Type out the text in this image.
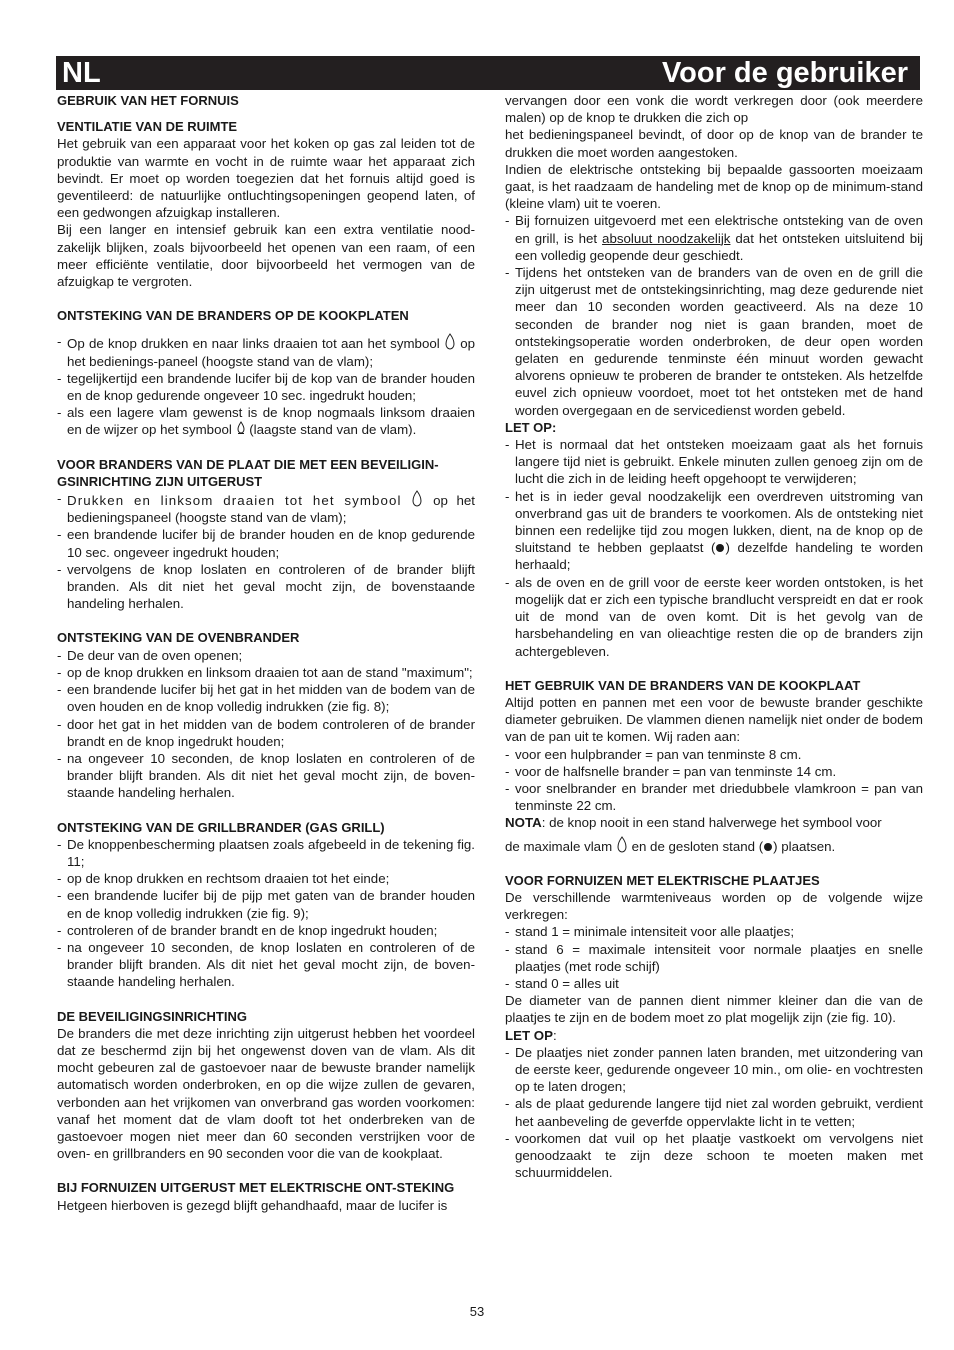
NL	Voor de gebruiker
GEBRUIK VAN HET FORNUIS
VENTILATIE VAN DE RUIMTE

Het gebruik van een apparaat voor het koken op gas zal leiden tot de produktie van warmte en vocht in de ruimte waar het apparaat zich bevindt. Er moet op worden toegezien dat het fornuis altijd goed is geventileerd: de natuurlijke ontluchtingsopeningen geopend laten, of een gedwongen afzuigkap installeren.

Bij een langer en intensief gebruik kan een extra ventilatie nood-zakelijk blijken, zoals bijvoorbeeld het openen van een raam, of een meer efficiënte ventilatie, door bijvoorbeeld het vermogen van de afzuigkap te vergroten.

ONTSTEKING VAN DE BRANDERS OP DE KOOKPLATEN
- Op de knop drukken en naar links draaien tot aan het symbool op het bedienings-paneel (hoogste stand van de vlam);
- tegelijkertijd een brandende lucifer bij de kop van de brander houden en de knop gedurende ongeveer 10 sec. ingedrukt houden;
- als een lagere vlam gewenst is de knop nogmaals linksom draaien en de wijzer op het symbool (laagste stand van de vlam).
VOOR BRANDERS VAN DE PLAAT DIE MET EEN BEVEILIGIN-GSINRICHTING ZIJN UITGERUST
- Drukken en linksom draaien tot het symbool op het bedieningspaneel (hoogste stand van de vlam);
- een brandende lucifer bij de brander houden en de knop gedurende 10 sec. ongeveer ingedrukt houden;
- vervolgens de knop loslaten en controleren of de brander blijft branden. Als dit niet het geval mocht zijn, de bovenstaande handeling herhalen.
ONTSTEKING VAN DE OVENBRANDER
- De deur van de oven openen;
- op de knop drukken en linksom draaien tot aan de stand "maximum";
- een brandende lucifer bij het gat in het midden van de bodem van de oven houden en de knop volledig indrukken (zie fig. 8);
- door het gat in het midden van de bodem controleren of de brander brandt en de knop ingedrukt houden;
- na ongeveer 10 seconden, de knop loslaten en controleren of de brander blijft branden. Als dit niet het geval mocht zijn, de boven-staande handeling herhalen.
ONTSTEKING VAN DE GRILLBRANDER (GAS GRILL)
- De knoppenbescherming plaatsen zoals afgebeeld in de tekening fig. 11;
- op de knop drukken en rechtsom draaien tot het einde;
- een brandende lucifer bij de pijp met gaten van de brander houden en de knop volledig indrukken (zie fig. 9);
- controleren of de brander brandt en de knop ingedrukt houden;
- na ongeveer 10 seconden, de knop loslaten en controleren of de brander blijft branden. Als dit niet het geval mocht zijn, de boven-staande handeling herhalen.
DE BEVEILIGINGSINRICHTING

De branders die met deze inrichting zijn uitgerust hebben het voordeel dat ze beschermd zijn bij het ongewenst doven van de vlam. Als dit mocht gebeuren zal de gastoevoer naar de bewuste brander namelijk automatisch worden onderbroken, en op die wijze zullen de gevaren, verbonden aan het vrijkomen van onverbrand gas worden voorkomen: vanaf het moment dat de vlam dooft tot het onderbreken van de gastoevoer mogen niet meer dan 60 seconden verstrijken voor de oven- en grillbranders en 90 seconden voor die van de kookplaat.

BIJ FORNUIZEN UITGERUST MET ELEKTRISCHE ONT-STEKING

Hetgeen hierboven is gezegd blijft gehandhaafd, maar de lucifer is

vervangen door een vonk die wordt verkregen door (ook meerdere malen) op de knop te drukken die zich op

het bedieningspaneel bevindt, of door op de knop van de brander te drukken die moet worden aangestoken.

Indien de elektrische ontsteking bij bepaalde gassoorten moeizaam gaat, is het raadzaam de handeling met de knop op de minimum-stand (kleine vlam) uit te voeren.

- Bij fornuizen uitgevoerd met een elektrische ontsteking van de oven en grill, is het absoluut noodzakelijk dat het ontsteken uitsluitend bij een volledig geopende deur geschiedt.
- Tijdens het ontsteken van de branders van de oven en de grill die zijn uitgerust met de ontstekingsinrichting, mag deze gedurende niet meer dan 10 seconden worden geactiveerd. Als na deze 10 seconden de brander nog niet is gaan branden, moet de ontstekingsoperatie worden onderbroken, de deur open worden gelaten en gedurende tenminste één minuut worden gewacht alvorens opnieuw te proberen de brander te ontsteken. Als hetzelfde euvel zich opnieuw voordoet, moet tot het ontsteken met de hand worden overgegaan en de servicedienst worden gebeld.
LET OP:
- Het is normaal dat het ontsteken moeizaam gaat als het fornuis langere tijd niet is gebruikt. Enkele minuten zullen genoeg zijn om de lucht die zich in de leiding heeft opgehoopt te verwijderen;
- het is in ieder geval noodzakelijk een overdreven uitstroming van onverbrand gas uit de branders te voorkomen. Als de ontsteking niet binnen een redelijke tijd zou mogen lukken, dient, na de knop op de sluitstand te hebben geplaatst ( ) dezelfde handeling te worden herhaald;
- als de oven en de grill voor de eerste keer worden ontstoken, is het mogelijk dat er zich een typische brandlucht verspreidt en dat er rook uit de mond van de oven komt. Dit is het gevolg van de harsbehandeling en van olieachtige resten die op de branders zijn achtergebleven.
HET GEBRUIK VAN DE BRANDERS VAN DE KOOKPLAAT

Altijd potten en pannen met een voor de bewuste brander geschikte diameter gebruiken. De vlammen dienen namelijk niet onder de bodem van de pan uit te komen. Wij raden aan:

- voor een hulpbrander = pan van tenminste 8 cm.
- voor de halfsnelle brander = pan van tenminste 14 cm.
- voor snelbrander en brander met driedubbele vlamkroon = pan van tenminste 22 cm.

NOTA: de knop nooit in een stand halverwege het symbool voor

de maximale vlam en de gesloten stand ( ) plaatsen.

VOOR FORNUIZEN MET ELEKTRISCHE PLAATJES

De verschillende warmteniveaus worden op de volgende wijze verkregen:

- stand 1 = minimale intensiteit voor alle plaatjes;
- stand 6 = maximale intensiteit voor normale plaatjes en snelle plaatjes (met rode schijf)
- stand 0 = alles uit

De diameter van de pannen dient nimmer kleiner dan die van de plaatjes te zijn en de bodem moet zo plat mogelijk zijn (zie fig. 10).

LET OP:

- De plaatjes niet zonder pannen laten branden, met uitzondering van de eerste keer, gedurende ongeveer 10 min., om olie- en vochtresten op te laten drogen;
- als de plaat gedurende langere tijd niet zal worden gebruikt, verdient het aanbeveling de geverfde oppervlakte licht in te vetten;
- voorkomen dat vuil op het plaatje vastkoekt om vervolgens niet genoodzaakt te zijn deze schoon te moeten maken met schuurmiddelen.
53
